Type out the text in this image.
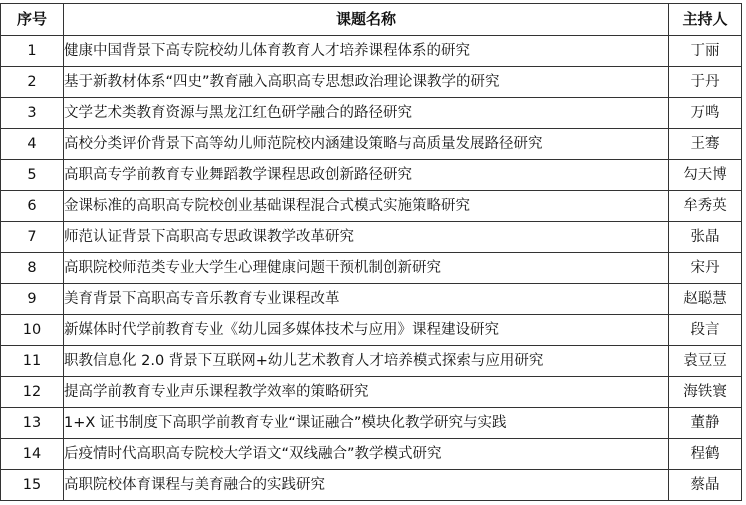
序号	课题名称	主持人
1	健康中国背景下高专院校幼儿体育教育人才培养课程体系的研究	丁丽
2	基于新教材体系“四史”教育融入高职高专思想政治理论课教学的研究	于丹
3	文学艺术类教育资源与黑龙江红色研学融合的路径研究	万鸣
4	高校分类评价背景下高等幼儿师范院校内涵建设策略与高质量发展路径研究	王骞
5	高职高专学前教育专业舞蹈教学课程思政创新路径研究	勾天博
6	金课标准的高职高专院校创业基础课程混合式模式实施策略研究	牟秀英
7	师范认证背景下高职高专思政课教学改革研究	张晶
8	高职院校师范类专业大学生心理健康问题干预机制创新研究	宋丹
9	美育背景下高职高专音乐教育专业课程改革	赵聪慧
10	新媒体时代学前教育专业《幼儿园多媒体技术与应用》课程建设研究	段言
11	职教信息化 2.0 背景下互联网+幼儿艺术教育人才培养模式探索与应用研究	袁豆豆
12	提高学前教育专业声乐课程教学效率的策略研究	海铁寰
13	1+X 证书制度下高职学前教育专业“课证融合”模块化教学研究与实践	董静
14	后疫情时代高职高专院校大学语文“双线融合”教学模式研究	程鹤
15	高职院校体育课程与美育融合的实践研究	蔡晶
